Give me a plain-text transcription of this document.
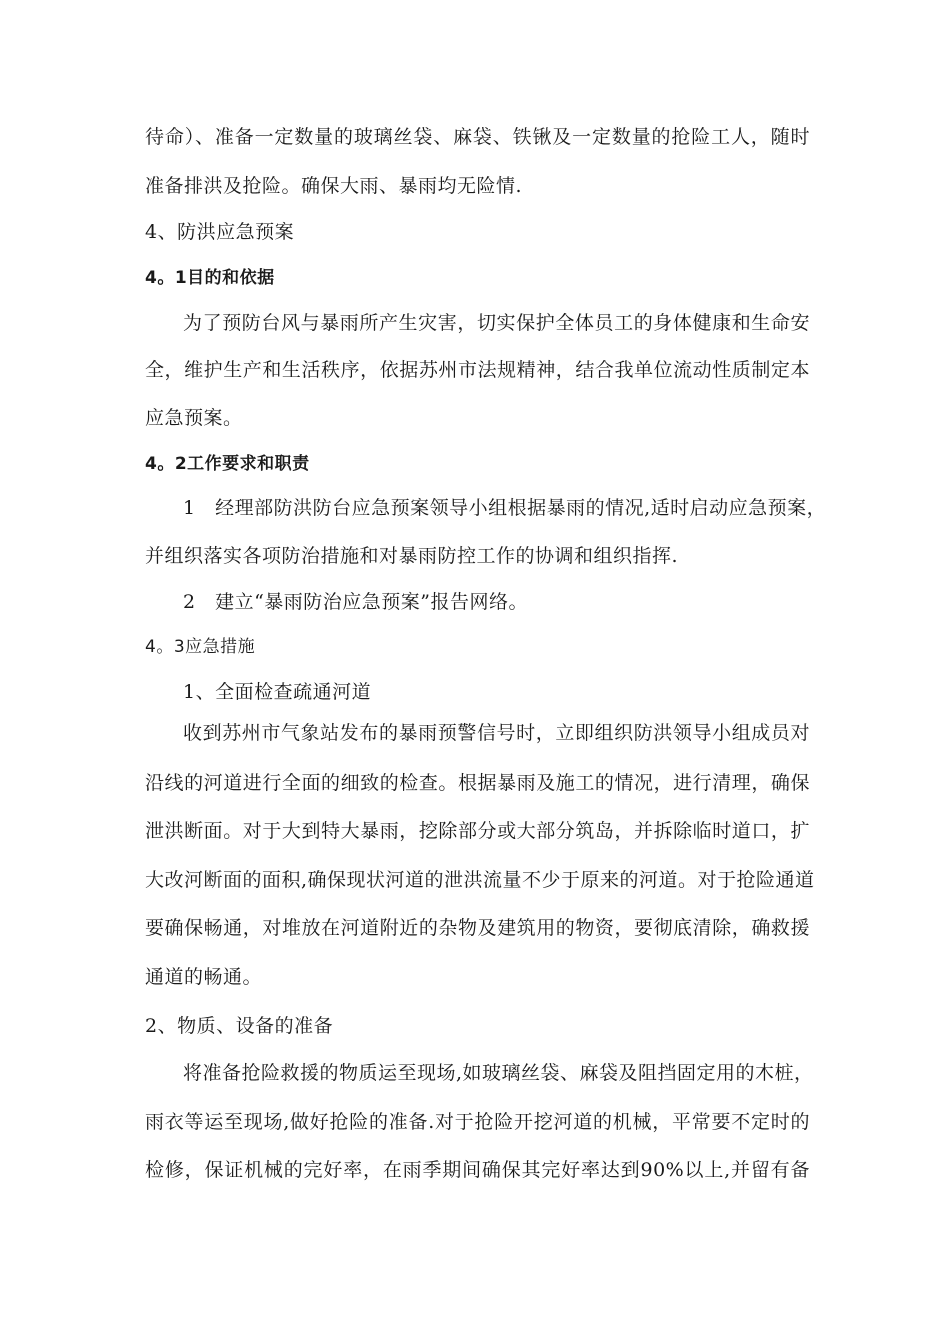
待命）、准备一定数量的玻璃丝袋、麻袋、铁锹及一定数量的抢险工人，随时
准备排洪及抢险。确保大雨、暴雨均无险情.
4、防洪应急预案
4。1目的和依据
为了预防台风与暴雨所产生灾害，切实保护全体员工的身体健康和生命安
全，维护生产和生活秩序，依据苏州市法规精神，结合我单位流动性质制定本
应急预案。
4。2工作要求和职责
1　经理部防洪防台应急预案领导小组根据暴雨的情况,适时启动应急预案，
并组织落实各项防治措施和对暴雨防控工作的协调和组织指挥.
2　建立“暴雨防治应急预案”报告网络。
4。3应急措施
1、全面检查疏通河道
收到苏州市气象站发布的暴雨预警信号时，立即组织防洪领导小组成员对
沿线的河道进行全面的细致的检查。根据暴雨及施工的情况，进行清理，确保
泄洪断面。对于大到特大暴雨，挖除部分或大部分筑岛，并拆除临时道口，扩
大改河断面的面积,确保现状河道的泄洪流量不少于原来的河道。对于抢险通道
要确保畅通，对堆放在河道附近的杂物及建筑用的物资，要彻底清除，确救援
通道的畅通。
2、物质、设备的准备
将准备抢险救援的物质运至现场,如玻璃丝袋、麻袋及阻挡固定用的木桩，
雨衣等运至现场,做好抢险的准备.对于抢险开挖河道的机械，平常要不定时的
检修，保证机械的完好率，在雨季期间确保其完好率达到90%以上,并留有备
